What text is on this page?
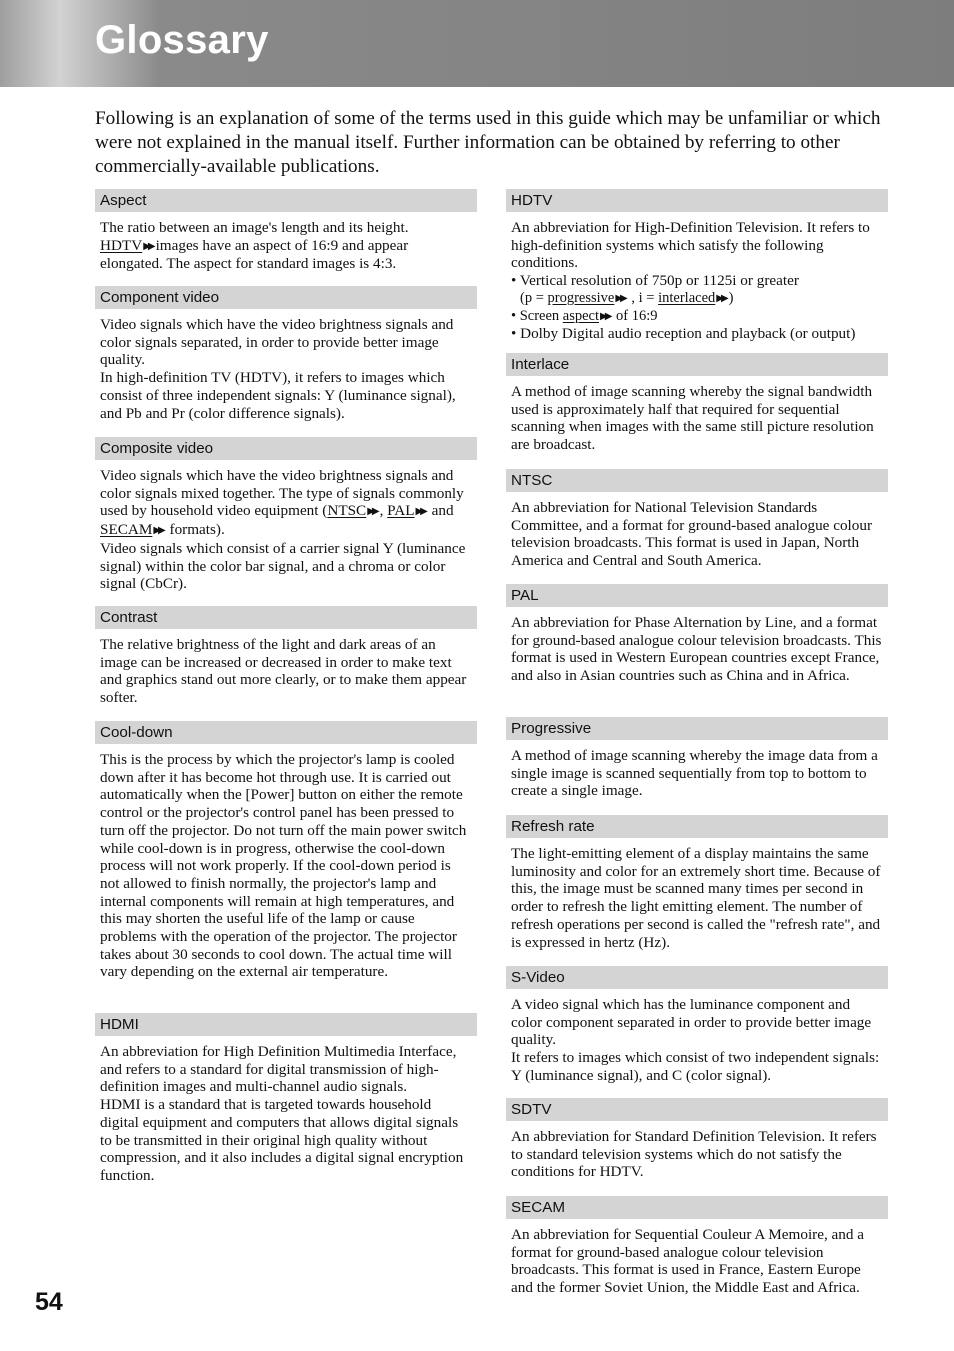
Glossary
Following is an explanation of some of the terms used in this guide which may be unfamiliar or which were not explained in the manual itself. Further information can be obtained by referring to other commercially-available publications.
Aspect

The ratio between an image's length and its height.
HDTV▶▶ images have an aspect of 16:9 and appear elongated. The aspect for standard images is 4:3.

Component video

Video signals which have the video brightness signals and color signals separated, in order to provide better image quality.

In high-definition TV (HDTV), it refers to images which consist of three independent signals: Y (luminance signal), and Pb and Pr (color difference signals).

Composite video

Video signals which have the video brightness signals and color signals mixed together. The type of signals commonly used by household video equipment (NTSC▶▶ , PAL▶▶ and SECAM▶▶ formats).

Video signals which consist of a carrier signal Y (luminance signal) within the color bar signal, and a chroma or color signal (CbCr).

Contrast

The relative brightness of the light and dark areas of an image can be increased or decreased in order to make text and graphics stand out more clearly, or to make them appear softer.

Cool-down

This is the process by which the projector's lamp is cooled down after it has become hot through use. It is carried out automatically when the [Power] button on either the remote control or the projector's control panel has been pressed to turn off the projector. Do not turn off the main power switch while cool-down is in progress, otherwise the cool-down process will not work properly. If the cool-down period is not allowed to finish normally, the projector's lamp and internal components will remain at high temperatures, and this may shorten the useful life of the lamp or cause problems with the operation of the projector. The projector takes about 30 seconds to cool down. The actual time will vary depending on the external air temperature.

HDMI

An abbreviation for High Definition Multimedia Interface, and refers to a standard for digital transmission of high-definition images and multi-channel audio signals.

HDMI is a standard that is targeted towards household digital equipment and computers that allows digital signals to be transmitted in their original high quality without compression, and it also includes a digital signal encryption function.

HDTV

An abbreviation for High-Definition Television. It refers to high-definition systems which satisfy the following conditions.

• Vertical resolution of 750p or 1125i or greater

(p = progressive▶▶ , i = interlaced▶▶ )

• Screen aspect▶▶ of 16:9

• Dolby Digital audio reception and playback (or output)

Interlace

A method of image scanning whereby the signal bandwidth used is approximately half that required for sequential scanning when images with the same still picture resolution are broadcast.

NTSC

An abbreviation for National Television Standards Committee, and a format for ground-based analogue colour television broadcasts. This format is used in Japan, North America and Central and South America.

PAL

An abbreviation for Phase Alternation by Line, and a format for ground-based analogue colour television broadcasts. This format is used in Western European countries except France, and also in Asian countries such as China and in Africa.

Progressive

A method of image scanning whereby the image data from a single image is scanned sequentially from top to bottom to create a single image.

Refresh rate

The light-emitting element of a display maintains the same luminosity and color for an extremely short time. Because of this, the image must be scanned many times per second in order to refresh the light emitting element. The number of refresh operations per second is called the "refresh rate", and is expressed in hertz (Hz).

S-Video

A video signal which has the luminance component and color component separated in order to provide better image quality.

It refers to images which consist of two independent signals: Y (luminance signal), and C (color signal).

SDTV

An abbreviation for Standard Definition Television. It refers to standard television systems which do not satisfy the conditions for HDTV.

SECAM

An abbreviation for Sequential Couleur A Memoire, and a format for ground-based analogue colour television broadcasts. This format is used in France, Eastern Europe and the former Soviet Union, the Middle East and Africa.

54
